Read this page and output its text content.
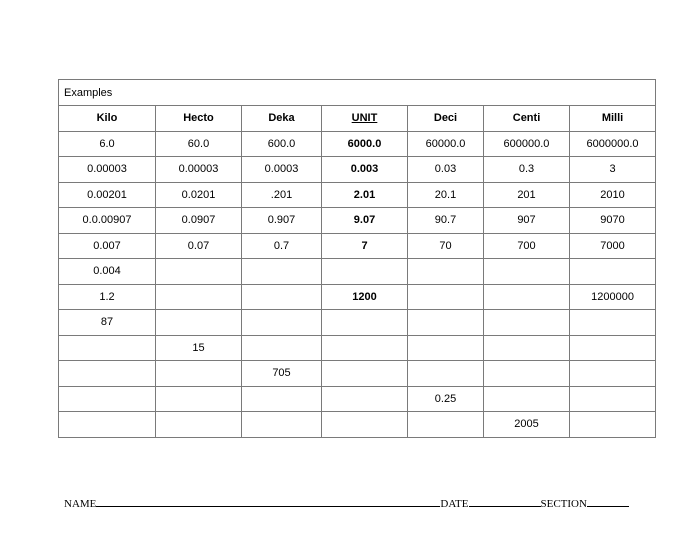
Examples						
Kilo	Hecto	Deka	UNIT	Deci	Centi	Milli
6.0	60.0	600.0	6000.0	60000.0	600000.0	6000000.0
0.00003	0.00003	0.0003	0.003	0.03	0.3	3
0.00201	0.0201	.201	2.01	20.1	201	2010
0.0.00907	0.0907	0.907	9.07	90.7	907	9070
0.007	0.07	0.7	7	70	700	7000
0.004						
1.2			1200			1200000
87						
	15					
		705				
				0.25		
					2005	
NAME	DATE	SECTION
